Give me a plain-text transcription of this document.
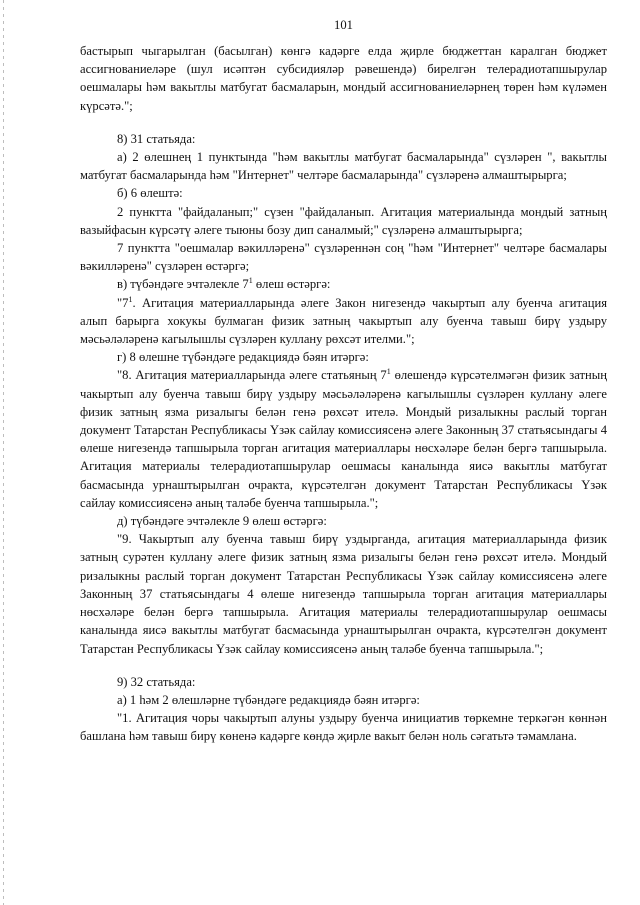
101

бастырып чыгарылган (басылган) көнгә кадәрге елда җирле бюджеттан каралган бюджет ассигнованиеләре (шул исәптән субсидияләр рәвешендә) бирелгән телерадиотапшырулар оешмалары һәм вакытлы матбугат басмаларын, мондый ассигнованиеләрнең төрен һәм күләмен күрсәтә.";

8) 31 статьяда:

а) 2 өлешнең 1 пунктында "һәм вакытлы матбугат басмаларында" сүзләрен ", вакытлы матбугат басмаларында һәм "Интернет" челтәре басмаларында" сүзләренә алмаштырырга;

б) 6 өлештә:

2 пунктта "файдаланып;" сүзен "файдаланып. Агитация материалында мондый затның вазыйфасын күрсәтү әлеге тыюны бозу дип саналмый;" сүзләренә алмаштырырга;

7 пунктта "оешмалар вәкилләренә" сүзләреннән соң "һәм "Интернет" челтәре басмалары вәкилләренә" сүзләрен өстәргә;

в) түбәндәге эчтәлекле $7^1$ өлеш өстәргә:

"$7^1$. Агитация материалларында әлеге Закон нигезендә чакыртып алу буенча агитация алып барырга хокукы булмаган физик затның чакыртып алу буенча тавыш бирү уздыру мәсьәләләренә кагылышлы сүзләрен куллану рөхсәт ителми.";

г) 8 өлешне түбәндәге редакциядә бәян итәргә:

"8. Агитация материалларында әлеге статьяның $7^1$ өлешендә күрсәтелмәгән физик затның чакыртып алу буенча тавыш бирү уздыру мәсьәләләренә кагылышлы сүзләрен куллану әлеге физик затның язма ризалыгы белән генә рөхсәт ителә. Мондый ризалыкны раслый торган документ Татарстан Республикасы Үзәк сайлау комиссиясенә әлеге Законның 37 статьясындагы 4 өлеше нигезендә тапшырыла торган агитация материаллары нөсхәләре белән бергә тапшырыла. Агитация материалы телерадиотапшырулар оешмасы каналында яисә вакытлы матбугат басмасында урнаштырылган очракта, күрсәтелгән документ Татарстан Республикасы Үзәк сайлау комиссиясенә аның таләбе буенча тапшырыла.";

д) түбәндәге эчтәлекле 9 өлеш өстәргә:

"9. Чакыртып алу буенча тавыш бирү уздырганда, агитация материалларында физик затның сурәтен куллану әлеге физик затның язма ризалыгы белән генә рөхсәт ителә. Мондый ризалыкны раслый торган документ Татарстан Республикасы Үзәк сайлау комиссиясенә әлеге Законның 37 статьясындагы 4 өлеше нигезендә тапшырыла торган агитация материаллары нөсхәләре белән бергә тапшырыла. Агитация материалы телерадиотапшырулар оешмасы каналында яисә вакытлы матбугат басмасында урнаштырылган очракта, күрсәтелгән документ Татарстан Республикасы Үзәк сайлау комиссиясенә аның таләбе буенча тапшырыла.";

9) 32 статьяда:

а) 1 һәм 2 өлешләрне түбәндәге редакциядә бәян итәргә:

"1. Агитация чоры чакыртып алуны уздыру буенча инициатив төркемне теркәгән көннән башлана һәм тавыш бирү көненә кадәрге көндә җирле вакыт белән ноль сәгатьтә тәмамлана.
